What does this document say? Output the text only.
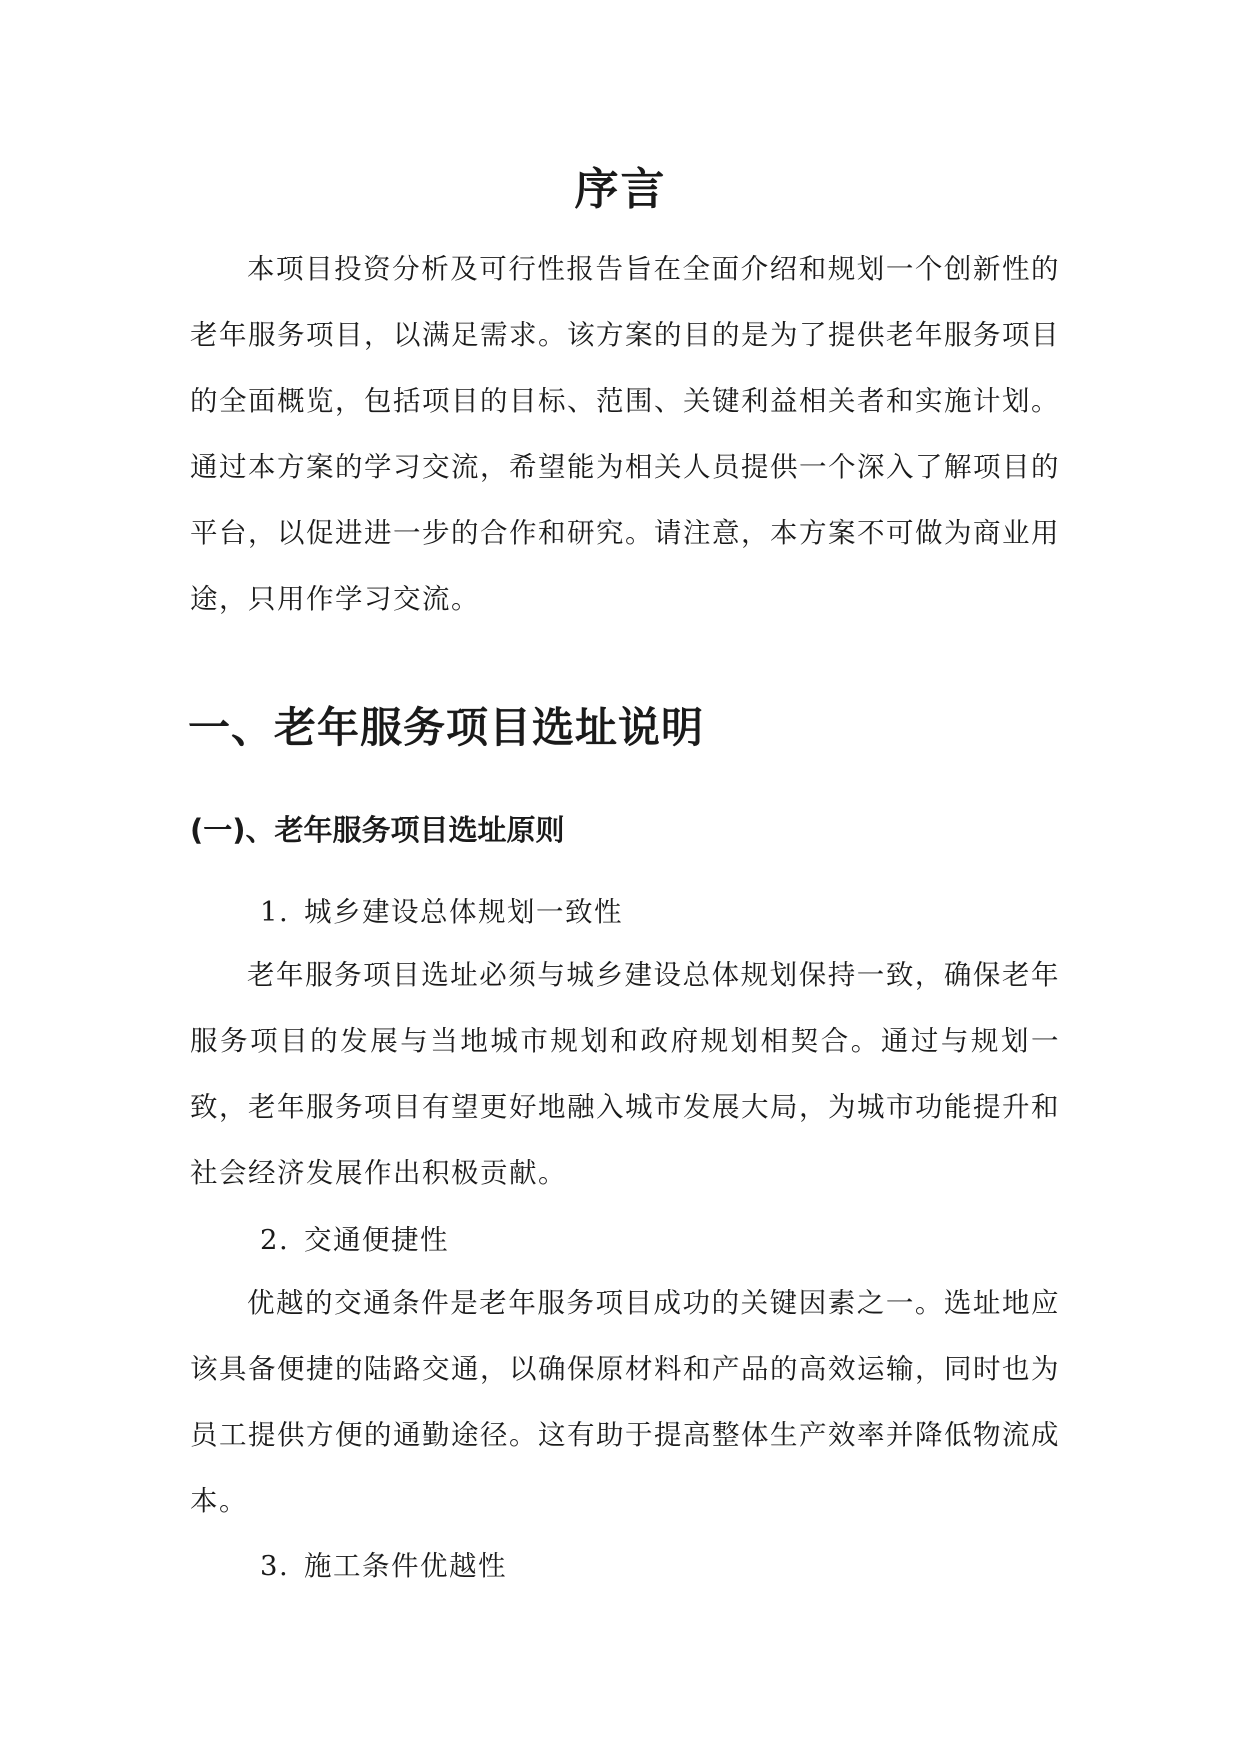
序言

本项目投资分析及可行性报告旨在全面介绍和规划一个创新性的老年服务项目，以满足需求。该方案的目的是为了提供老年服务项目的全面概览，包括项目的目标、范围、关键利益相关者和实施计划。通过本方案的学习交流，希望能为相关人员提供一个深入了解项目的平台，以促进进一步的合作和研究。请注意，本方案不可做为商业用途，只用作学习交流。

一、老年服务项目选址说明
(一)、老年服务项目选址原则
1. 城乡建设总体规划一致性

老年服务项目选址必须与城乡建设总体规划保持一致，确保老年服务项目的发展与当地城市规划和政府规划相契合。通过与规划一致，老年服务项目有望更好地融入城市发展大局，为城市功能提升和社会经济发展作出积极贡献。

2. 交通便捷性

优越的交通条件是老年服务项目成功的关键因素之一。选址地应该具备便捷的陆路交通，以确保原材料和产品的高效运输，同时也为员工提供方便的通勤途径。这有助于提高整体生产效率并降低物流成本。

3. 施工条件优越性
